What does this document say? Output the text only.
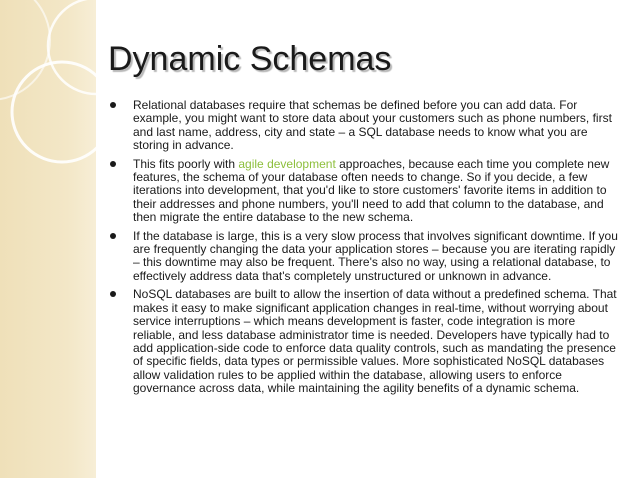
Dynamic Schemas
Relational databases require that schemas be defined before you can add data. For example, you might want to store data about your customers such as phone numbers, first and last name, address, city and state – a SQL database needs to know what you are storing in advance.
This fits poorly with agile development approaches, because each time you complete new features, the schema of your database often needs to change. So if you decide, a few iterations into development, that you'd like to store customers' favorite items in addition to their addresses and phone numbers, you'll need to add that column to the database, and then migrate the entire database to the new schema.
If the database is large, this is a very slow process that involves significant downtime. If you are frequently changing the data your application stores – because you are iterating rapidly – this downtime may also be frequent. There's also no way, using a relational database, to effectively address data that's completely unstructured or unknown in advance.
NoSQL databases are built to allow the insertion of data without a predefined schema. That makes it easy to make significant application changes in real-time, without worrying about service interruptions – which means development is faster, code integration is more reliable, and less database administrator time is needed. Developers have typically had to add application-side code to enforce data quality controls, such as mandating the presence of specific fields, data types or permissible values. More sophisticated NoSQL databases allow validation rules to be applied within the database, allowing users to enforce governance across data, while maintaining the agility benefits of a dynamic schema.
